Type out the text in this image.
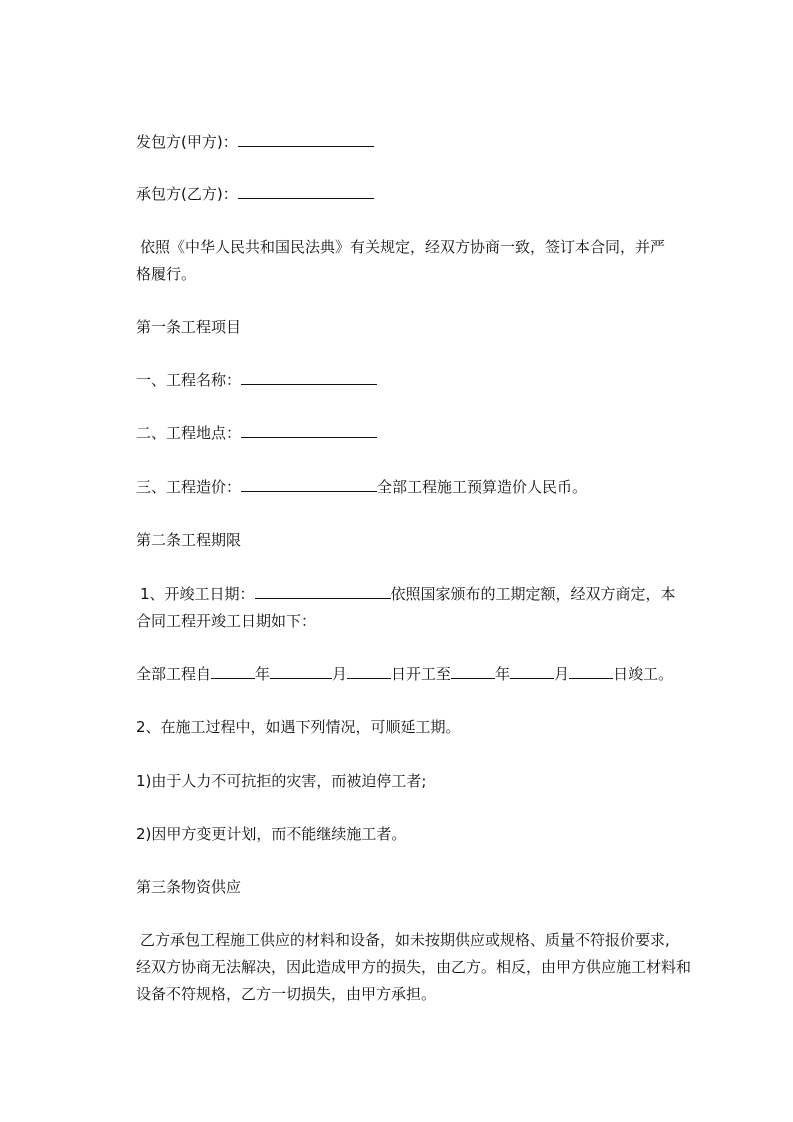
发包方(甲方)：
承包方(乙方)：
依照《中华人民共和国民法典》有关规定，经双方协商一致，签订本合同，并严
格履行。
第一条工程项目
一、工程名称：
二、工程地点：
三、工程造价：	全部工程施工预算造价人民币。
第二条工程期限
1、开竣工日期：	依照国家颁布的工期定额，经双方商定，本
合同工程开竣工日期如下：
全部工程自	年	月	日开工至	年	月	日竣工。
2、在施工过程中，如遇下列情况，可顺延工期。
1)由于人力不可抗拒的灾害，而被迫停工者;
2)因甲方变更计划，而不能继续施工者。
第三条物资供应
乙方承包工程施工供应的材料和设备，如未按期供应或规格、质量不符报价要求,
经双方协商无法解决，因此造成甲方的损失，由乙方。相反，由甲方供应施工材料和
设备不符规格，乙方一切损失，由甲方承担。
